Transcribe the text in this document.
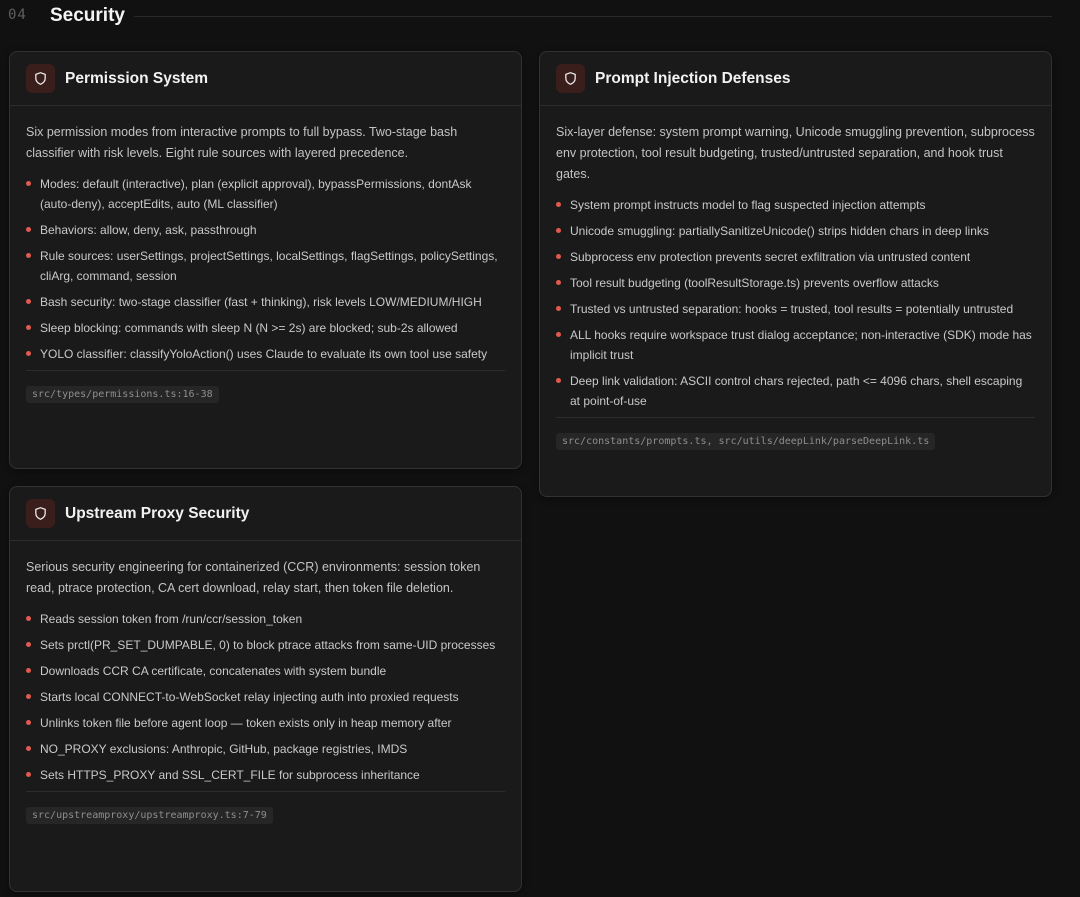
04 Security
Permission System

Six permission modes from interactive prompts to full bypass. Two-stage bash classifier with risk levels. Eight rule sources with layered precedence.

Modes: default (interactive), plan (explicit approval), bypassPermissions, dontAsk (auto-deny), acceptEdits, auto (ML classifier)
Behaviors: allow, deny, ask, passthrough
Rule sources: userSettings, projectSettings, localSettings, flagSettings, policySettings, cliArg, command, session
Bash security: two-stage classifier (fast + thinking), risk levels LOW/MEDIUM/HIGH
Sleep blocking: commands with sleep N (N >= 2s) are blocked; sub-2s allowed
YOLO classifier: classifyYoloAction() uses Claude to evaluate its own tool use safety
src/types/permissions.ts:16-38
Prompt Injection Defenses

Six-layer defense: system prompt warning, Unicode smuggling prevention, subprocess env protection, tool result budgeting, trusted/untrusted separation, and hook trust gates.

System prompt instructs model to flag suspected injection attempts
Unicode smuggling: partiallySanitizeUnicode() strips hidden chars in deep links
Subprocess env protection prevents secret exfiltration via untrusted content
Tool result budgeting (toolResultStorage.ts) prevents overflow attacks
Trusted vs untrusted separation: hooks = trusted, tool results = potentially untrusted
ALL hooks require workspace trust dialog acceptance; non-interactive (SDK) mode has implicit trust
Deep link validation: ASCII control chars rejected, path <= 4096 chars, shell escaping at point-of-use
src/constants/prompts.ts, src/utils/deepLink/parseDeepLink.ts
Upstream Proxy Security

Serious security engineering for containerized (CCR) environments: session token read, ptrace protection, CA cert download, relay start, then token file deletion.

Reads session token from /run/ccr/session_token
Sets prctl(PR_SET_DUMPABLE, 0) to block ptrace attacks from same-UID processes
Downloads CCR CA certificate, concatenates with system bundle
Starts local CONNECT-to-WebSocket relay injecting auth into proxied requests
Unlinks token file before agent loop — token exists only in heap memory after
NO_PROXY exclusions: Anthropic, GitHub, package registries, IMDS
Sets HTTPS_PROXY and SSL_CERT_FILE for subprocess inheritance
src/upstreamproxy/upstreamproxy.ts:7-79
